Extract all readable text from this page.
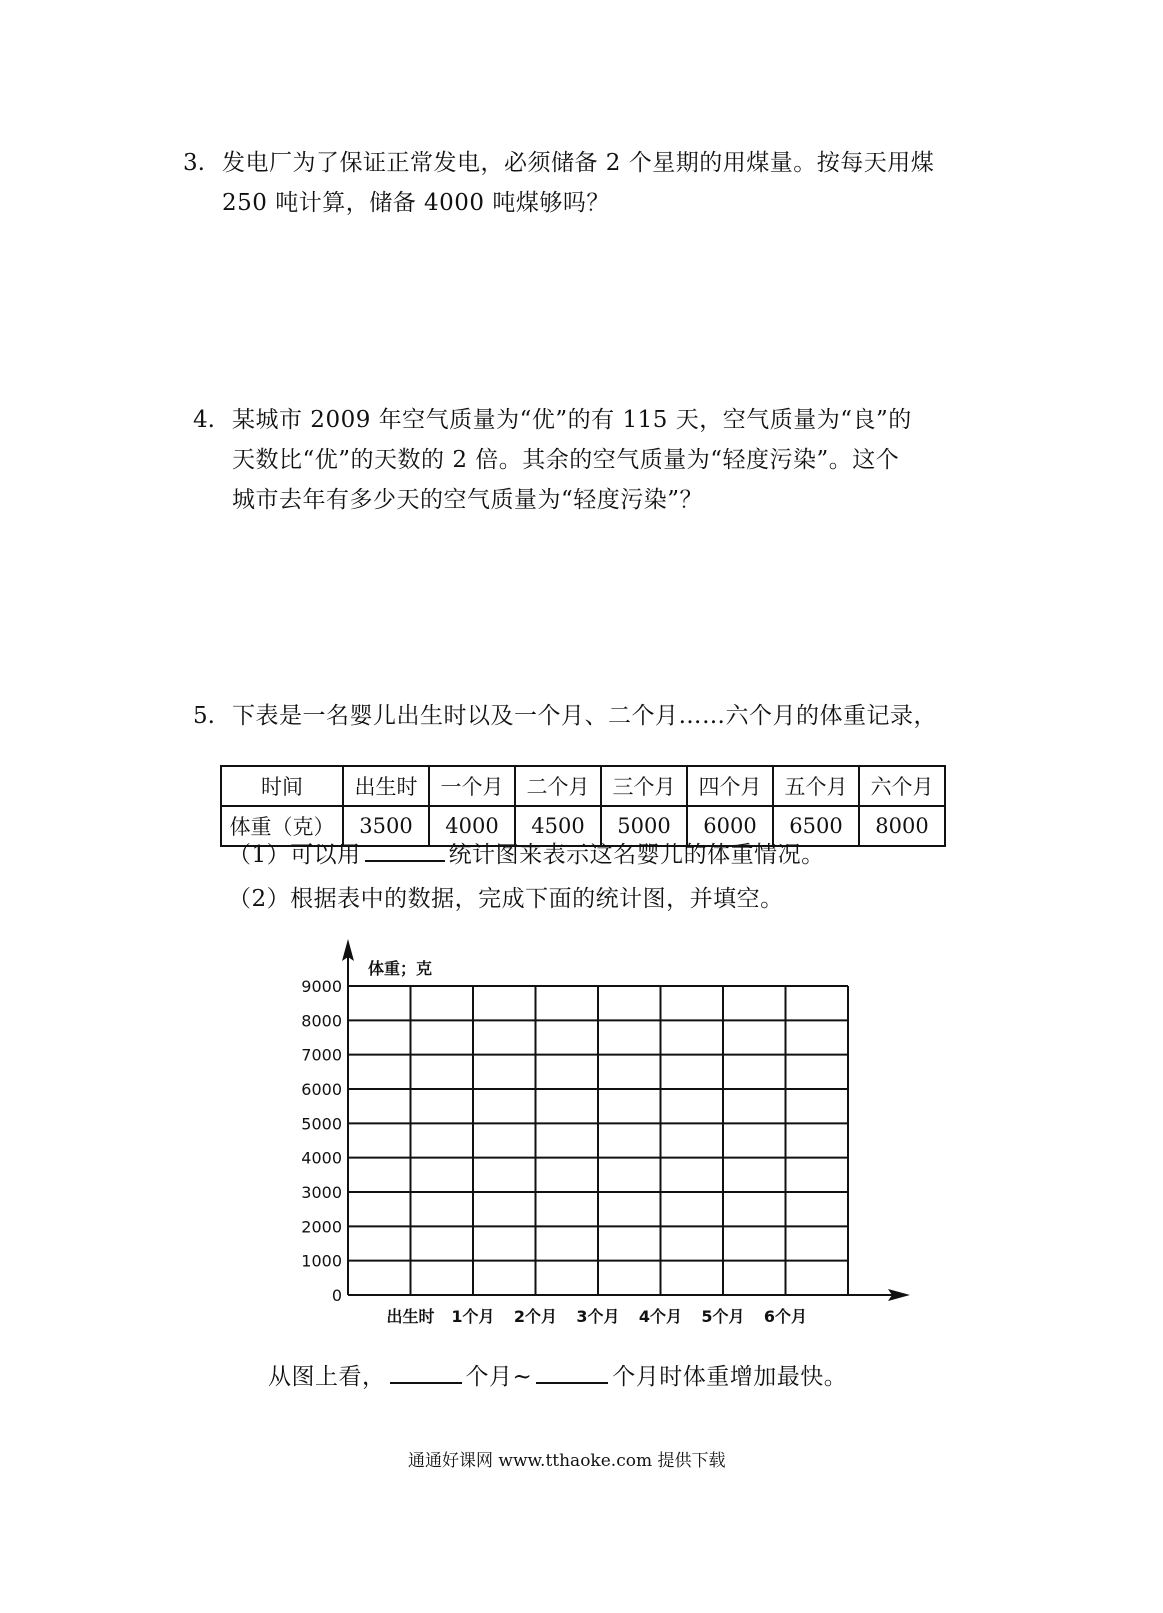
3. 发电厂为了保证正常发电，必须储备 2 个星期的用煤量。按每天用煤
250 吨计算，储备 4000 吨煤够吗？
4. 某城市 2009 年空气质量为“优”的有 115 天，空气质量为“良”的
天数比“优”的天数的 2 倍。其余的空气质量为“轻度污染”。这个
城市去年有多少天的空气质量为“轻度污染”？
5. 下表是一名婴儿出生时以及一个月、二个月……六个月的体重记录，
时间	出生时	一个月	二个月	三个月	四个月	五个月	六个月
体重（克）	3500	4000	4500	5000	6000	6500	8000
（1）可以用	统计图来表示这名婴儿的体重情况。
（2）根据表中的数据，完成下面的统计图，并填空。
0
1000
2000
3000
4000
5000
6000
7000
8000
9000
出生时 1个月 2个月 3个月 4个月 5个月 6个月
体重；克
从图上看，	个月~	个月时体重增加最快。
通通好课网 www.tthaoke.com 提供下载
